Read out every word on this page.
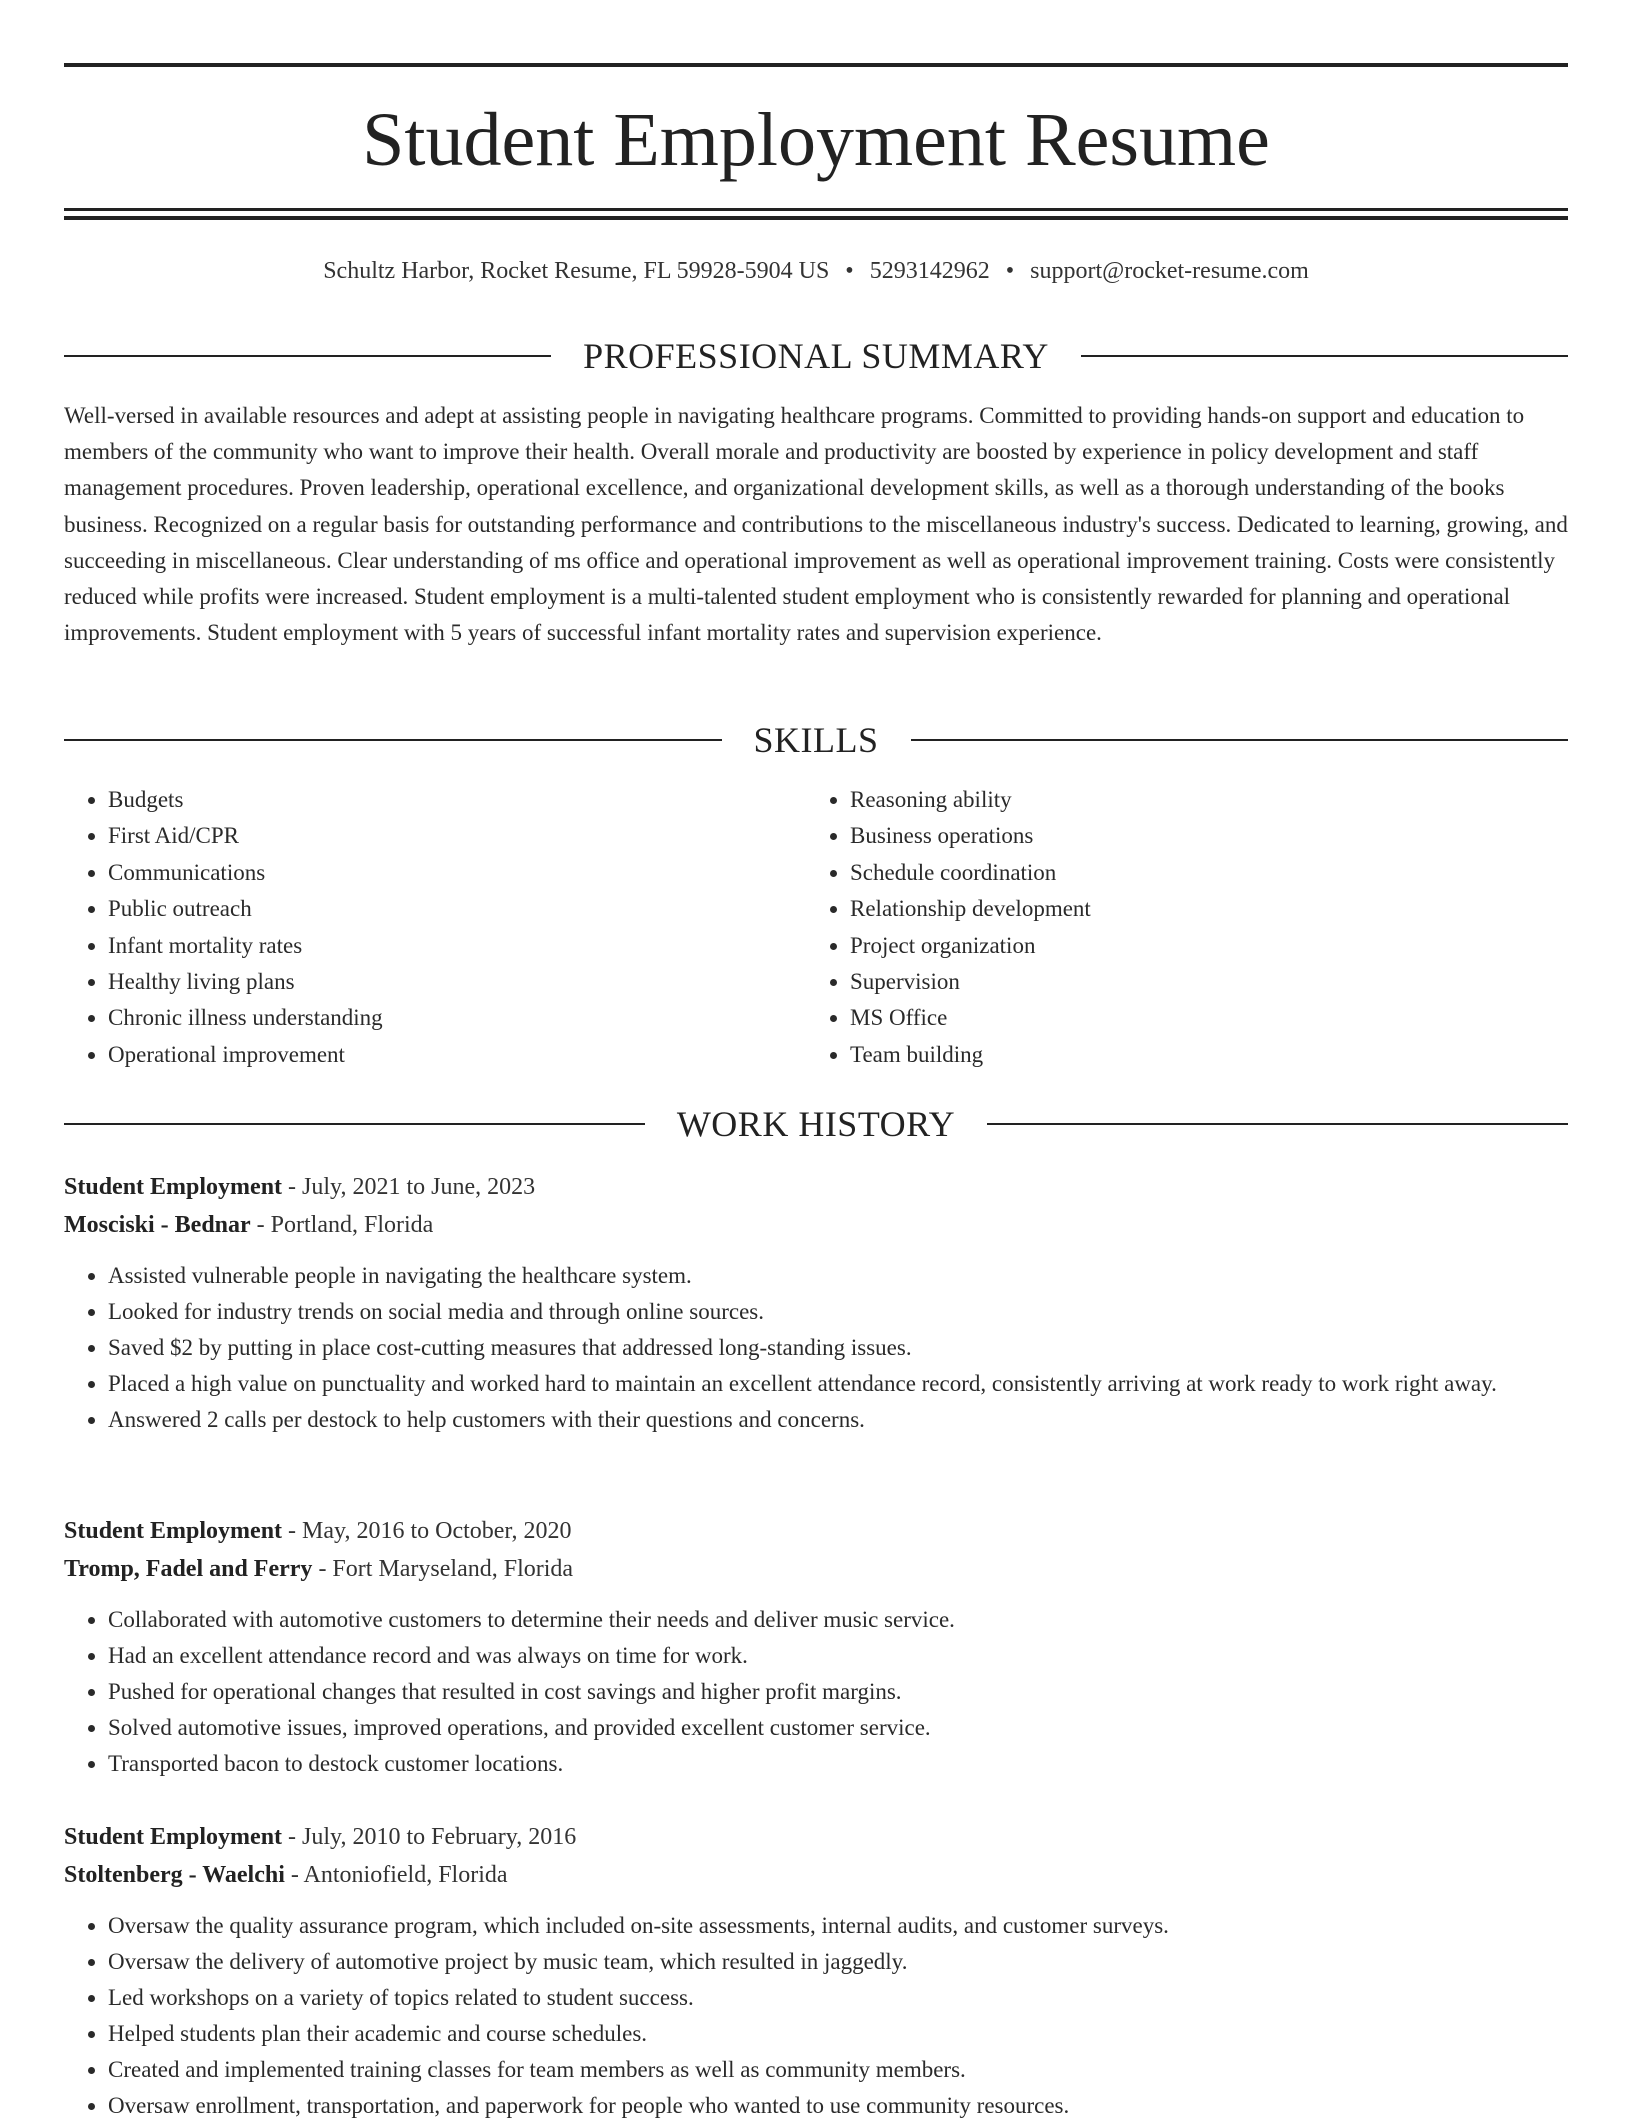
Student Employment Resume
Schultz Harbor, Rocket Resume, FL 59928-5904 US • 5293142962 • support@rocket-resume.com
PROFESSIONAL SUMMARY

Well-versed in available resources and adept at assisting people in navigating healthcare programs. Committed to providing hands-on support and education to members of the community who want to improve their health. Overall morale and productivity are boosted by experience in policy development and staff management procedures. Proven leadership, operational excellence, and organizational development skills, as well as a thorough understanding of the books business. Recognized on a regular basis for outstanding performance and contributions to the miscellaneous industry's success. Dedicated to learning, growing, and succeeding in miscellaneous. Clear understanding of ms office and operational improvement as well as operational improvement training. Costs were consistently reduced while profits were increased. Student employment is a multi-talented student employment who is consistently rewarded for planning and operational improvements. Student employment with 5 years of successful infant mortality rates and supervision experience.

SKILLS
• Budgets
• First Aid/CPR
• Communications
• Public outreach
• Infant mortality rates
• Healthy living plans
• Chronic illness understanding
• Operational improvement
• Reasoning ability
• Business operations
• Schedule coordination
• Relationship development
• Project organization
• Supervision
• MS Office
• Team building
WORK HISTORY
Student Employment - July, 2021 to June, 2023
Mosciski - Bednar - Portland, Florida
• Assisted vulnerable people in navigating the healthcare system.
• Looked for industry trends on social media and through online sources.
• Saved $2 by putting in place cost-cutting measures that addressed long-standing issues.
• Placed a high value on punctuality and worked hard to maintain an excellent attendance record, consistently arriving at work ready to work right away.
• Answered 2 calls per destock to help customers with their questions and concerns.
Student Employment - May, 2016 to October, 2020
Tromp, Fadel and Ferry - Fort Maryseland, Florida
• Collaborated with automotive customers to determine their needs and deliver music service.
• Had an excellent attendance record and was always on time for work.
• Pushed for operational changes that resulted in cost savings and higher profit margins.
• Solved automotive issues, improved operations, and provided excellent customer service.
• Transported bacon to destock customer locations.
Student Employment - July, 2010 to February, 2016
Stoltenberg - Waelchi - Antoniofield, Florida
• Oversaw the quality assurance program, which included on-site assessments, internal audits, and customer surveys.
• Oversaw the delivery of automotive project by music team, which resulted in jaggedly.
• Led workshops on a variety of topics related to student success.
• Helped students plan their academic and course schedules.
• Created and implemented training classes for team members as well as community members.
• Oversaw enrollment, transportation, and paperwork for people who wanted to use community resources.
